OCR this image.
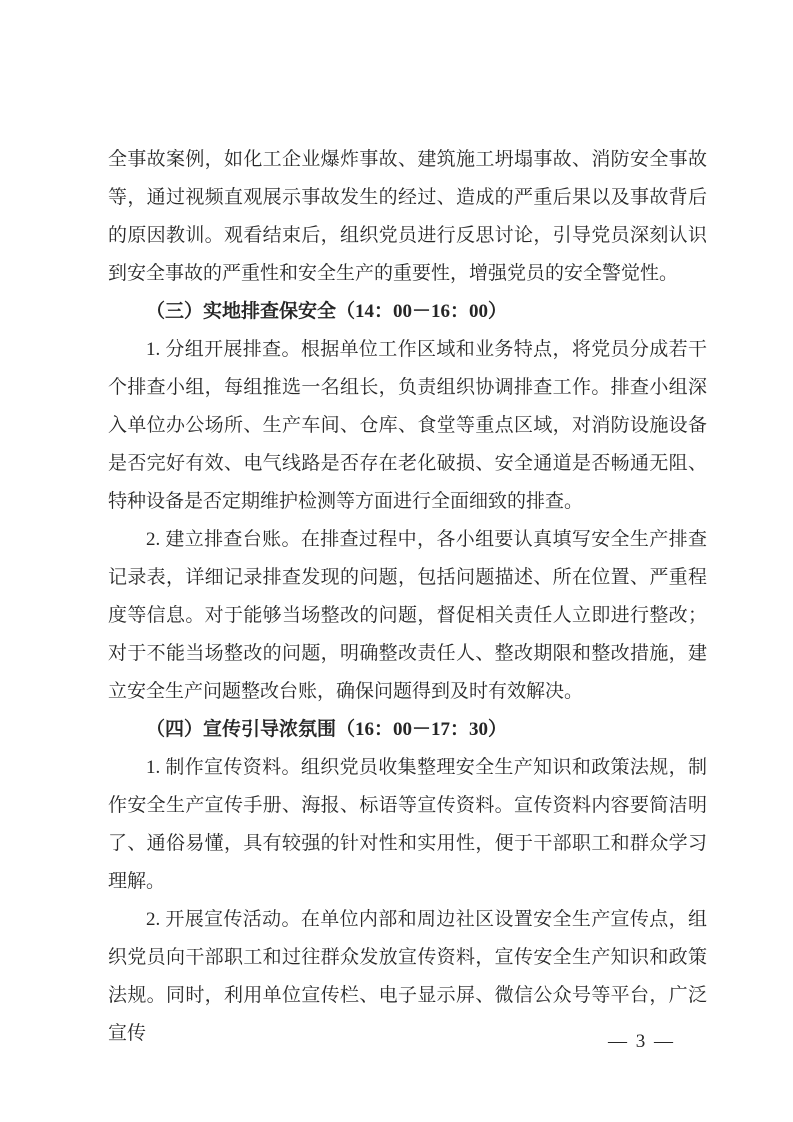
全事故案例，如化工企业爆炸事故、建筑施工坍塌事故、消防安全事故等，通过视频直观展示事故发生的经过、造成的严重后果以及事故背后的原因教训。观看结束后，组织党员进行反思讨论，引导党员深刻认识到安全事故的严重性和安全生产的重要性，增强党员的安全警觉性。

（三）实地排查保安全（14：00－16：00）

1. 分组开展排查。根据单位工作区域和业务特点，将党员分成若干个排查小组，每组推选一名组长，负责组织协调排查工作。排查小组深入单位办公场所、生产车间、仓库、食堂等重点区域，对消防设施设备是否完好有效、电气线路是否存在老化破损、安全通道是否畅通无阻、特种设备是否定期维护检测等方面进行全面细致的排查。

2. 建立排查台账。在排查过程中，各小组要认真填写安全生产排查记录表，详细记录排查发现的问题，包括问题描述、所在位置、严重程度等信息。对于能够当场整改的问题，督促相关责任人立即进行整改；对于不能当场整改的问题，明确整改责任人、整改期限和整改措施，建立安全生产问题整改台账，确保问题得到及时有效解决。

（四）宣传引导浓氛围（16：00－17：30）

1. 制作宣传资料。组织党员收集整理安全生产知识和政策法规，制作安全生产宣传手册、海报、标语等宣传资料。宣传资料内容要简洁明了、通俗易懂，具有较强的针对性和实用性，便于干部职工和群众学习理解。

2. 开展宣传活动。在单位内部和周边社区设置安全生产宣传点，组织党员向干部职工和过往群众发放宣传资料，宣传安全生产知识和政策法规。同时，利用单位宣传栏、电子显示屏、微信公众号等平台，广泛宣传	— 3 —
